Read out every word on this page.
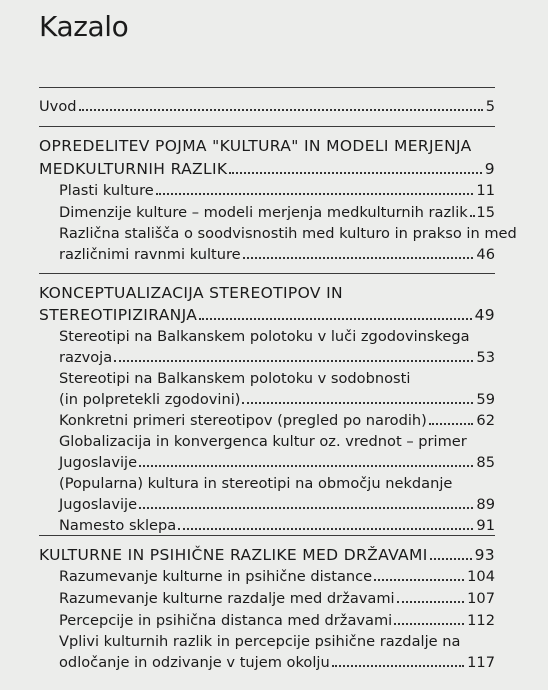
Kazalo
Uvod	5
OPREDELITEV POJMA "KULTURA" IN MODELI MERJENJA
MEDKULTURNIH RAZLIK	9
Plasti kulture	11
Dimenzije kulture – modeli merjenja medkulturnih razlik 15
Različna stališča o soodvisnostih med kulturo in prakso in med
različnimi ravnmi kulture	46
KONCEPTUALIZACIJA STEREOTIPOV IN
STEREOTIPIZIRANJA	49
Stereotipi na Balkanskem polotoku v luči zgodovinskega
razvoja	53
Stereotipi na Balkanskem polotoku v sodobnosti
(in polpretekli zgodovini)	59
Konkretni primeri stereotipov (pregled po narodih)	62
Globalizacija in konvergenca kultur oz. vrednot – primer
Jugoslavije	85
(Popularna) kultura in stereotipi na območju nekdanje
Jugoslavije	89
Namesto sklepa	91
KULTURNE IN PSIHIČNE RAZLIKE MED DRŽAVAMI	93
Razumevanje kulturne in psihične distance	104
Razumevanje kulturne razdalje med državami	107
Percepcije in psihična distanca med državami	112
Vplivi kulturnih razlik in percepcije psihične razdalje na
odločanje in odzivanje v tujem okolju	117
